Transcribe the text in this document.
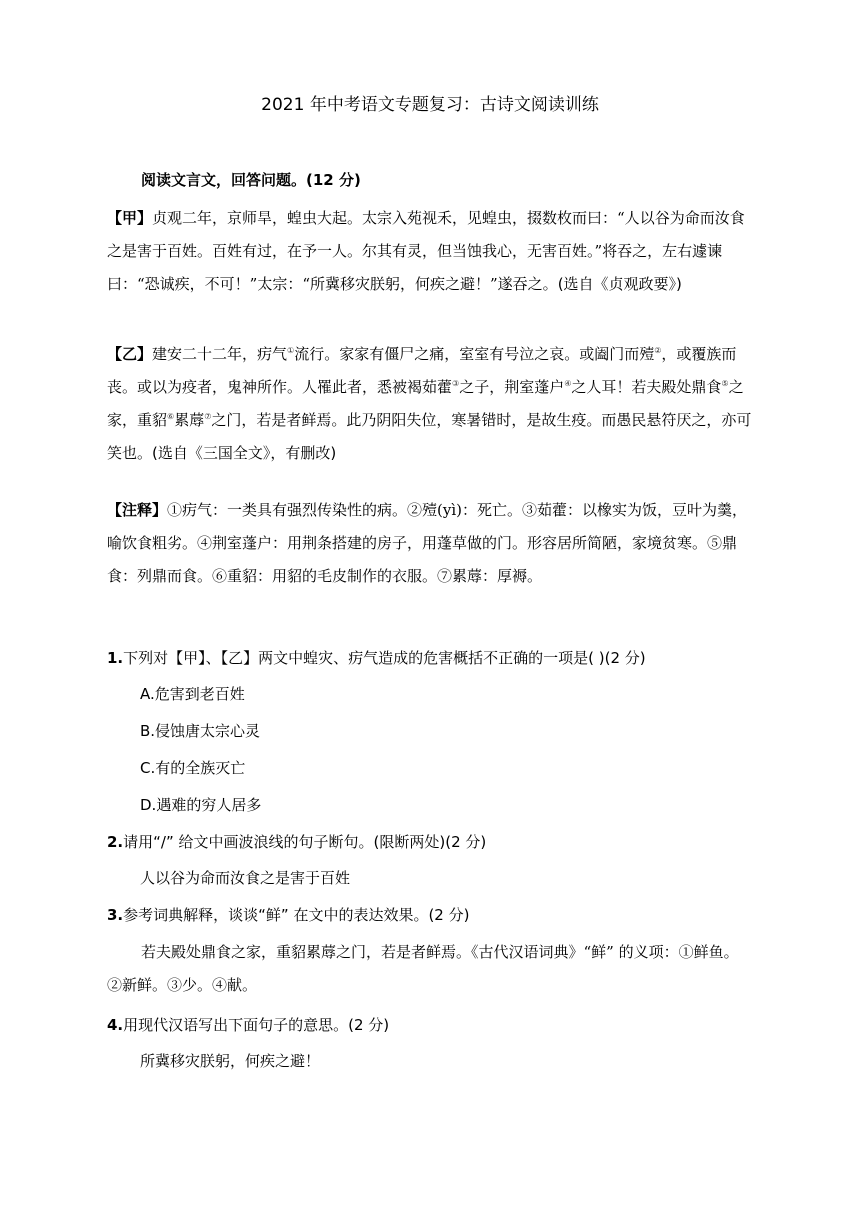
2021 年中考语文专题复习：古诗文阅读训练
阅读文言文，回答问题。(12 分)
【甲】贞观二年，京师旱，蝗虫大起。太宗入苑视禾，见蝗虫，掇数枚而曰：“人以谷为命而汝食之是害于百姓。百姓有过，在予一人。尔其有灵，但当蚀我心，无害百姓。”将吞之，左右遽谏曰：“恐诚疾，不可！”太宗：“所冀移灾朕躬，何疾之避！”遂吞之。(选自《贞观政要》)
【乙】建安二十二年，疠气①流行。家家有僵尸之痛，室室有号泣之哀。或阖门而殪②，或覆族而丧。或以为疫者，鬼神所作。人罹此者，悉被褐茹藿③之子，荆室蓬户④之人耳！若夫殿处鼎食⑤之家，重貂⑥累蓐⑦之门，若是者鲜焉。此乃阴阳失位，寒暑错时，是故生疫。而愚民悬符厌之，亦可笑也。(选自《三国全文》，有删改)
【注释】①疠气：一类具有强烈传染性的病。②殪(yì)：死亡。③茹藿：以橡实为饭，豆叶为羹，喻饮食粗劣。④荆室蓬户：用荆条搭建的房子，用蓬草做的门。形容居所简陋，家境贫寒。⑤鼎食：列鼎而食。⑥重貂：用貂的毛皮制作的衣服。⑦累蓐：厚褥。
1.下列对【甲】、【乙】两文中蝗灾、疠气造成的危害概括不正确的一项是( )(2 分)
A.危害到老百姓
B.侵蚀唐太宗心灵
C.有的全族灭亡
D.遇难的穷人居多
2.请用“/” 给文中画波浪线的句子断句。(限断两处)(2 分)
人以谷为命而汝食之是害于百姓
3.参考词典解释，谈谈“鲜” 在文中的表达效果。(2 分)
若夫殿处鼎食之家，重貂累蓐之门，若是者鲜焉。《古代汉语词典》“鲜” 的义项：①鲜鱼。②新鲜。③少。④献。
4.用现代汉语写出下面句子的意思。(2 分)
所冀移灾朕躬，何疾之避！
